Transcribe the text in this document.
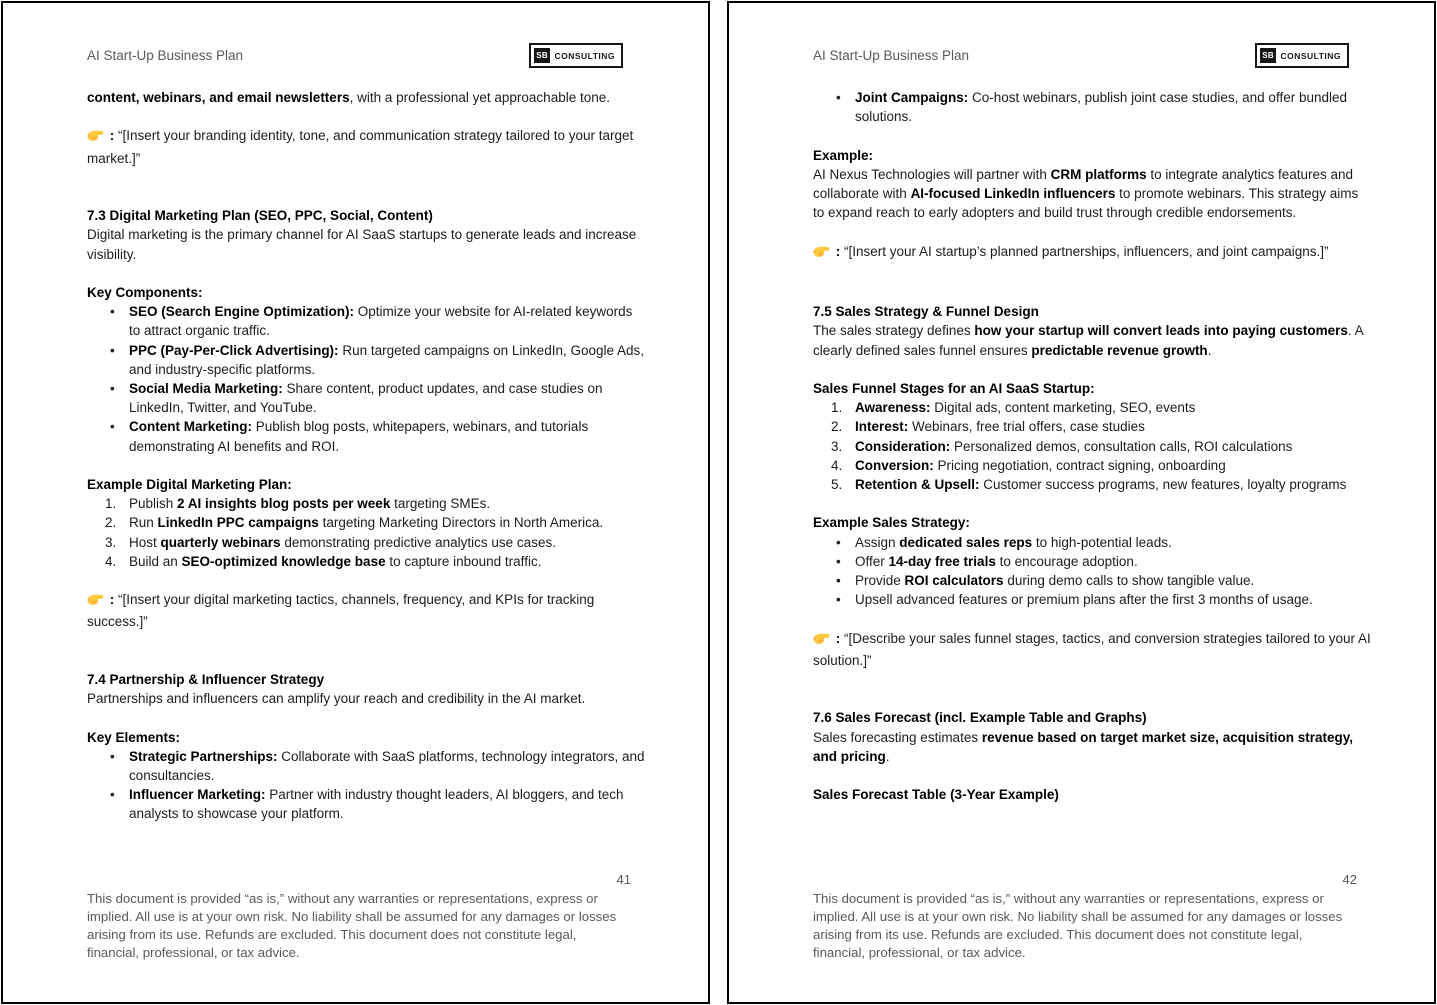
AI Start-Up Business Plan	SB CONSULTING

content, webinars, and email newsletters, with a professional yet approachable tone.

: “[Insert your branding identity, tone, and communication strategy tailored to your target market.]”

7.3 Digital Marketing Plan (SEO, PPC, Social, Content)

Digital marketing is the primary channel for AI SaaS startups to generate leads and increase visibility.

Key Components:

• SEO (Search Engine Optimization): Optimize your website for AI-related keywords to attract organic traffic.
• PPC (Pay-Per-Click Advertising): Run targeted campaigns on LinkedIn, Google Ads, and industry-specific platforms.
• Social Media Marketing: Share content, product updates, and case studies on LinkedIn, Twitter, and YouTube.
• Content Marketing: Publish blog posts, whitepapers, webinars, and tutorials demonstrating AI benefits and ROI.

Example Digital Marketing Plan:

1. Publish 2 AI insights blog posts per week targeting SMEs.
2. Run LinkedIn PPC campaigns targeting Marketing Directors in North America.
3. Host quarterly webinars demonstrating predictive analytics use cases.
4. Build an SEO-optimized knowledge base to capture inbound traffic.

: “[Insert your digital marketing tactics, channels, frequency, and KPIs for tracking success.]”

7.4 Partnership & Influencer Strategy

Partnerships and influencers can amplify your reach and credibility in the AI market.

Key Elements:

• Strategic Partnerships: Collaborate with SaaS platforms, technology integrators, and consultancies.
• Influencer Marketing: Partner with industry thought leaders, AI bloggers, and tech analysts to showcase your platform.

41

This document is provided “as is,” without any warranties or representations, express or implied. All use is at your own risk. No liability shall be assumed for any damages or losses arising from its use. Refunds are excluded. This document does not constitute legal, financial, professional, or tax advice.

AI Start-Up Business Plan	SB CONSULTING
• Joint Campaigns: Co-host webinars, publish joint case studies, and offer bundled solutions.

Example:

AI Nexus Technologies will partner with CRM platforms to integrate analytics features and collaborate with AI-focused LinkedIn influencers to promote webinars. This strategy aims to expand reach to early adopters and build trust through credible endorsements.

: “[Insert your AI startup’s planned partnerships, influencers, and joint campaigns.]”

7.5 Sales Strategy & Funnel Design

The sales strategy defines how your startup will convert leads into paying customers. A clearly defined sales funnel ensures predictable revenue growth.

Sales Funnel Stages for an AI SaaS Startup:

1. Awareness: Digital ads, content marketing, SEO, events
2. Interest: Webinars, free trial offers, case studies
3. Consideration: Personalized demos, consultation calls, ROI calculations
4. Conversion: Pricing negotiation, contract signing, onboarding
5. Retention & Upsell: Customer success programs, new features, loyalty programs

Example Sales Strategy:

• Assign dedicated sales reps to high-potential leads.
• Offer 14-day free trials to encourage adoption.
• Provide ROI calculators during demo calls to show tangible value.
• Upsell advanced features or premium plans after the first 3 months of usage.

: “[Describe your sales funnel stages, tactics, and conversion strategies tailored to your AI solution.]”

7.6 Sales Forecast (incl. Example Table and Graphs)

Sales forecasting estimates revenue based on target market size, acquisition strategy, and pricing.

Sales Forecast Table (3-Year Example)

42

This document is provided “as is,” without any warranties or representations, express or implied. All use is at your own risk. No liability shall be assumed for any damages or losses arising from its use. Refunds are excluded. This document does not constitute legal, financial, professional, or tax advice.
